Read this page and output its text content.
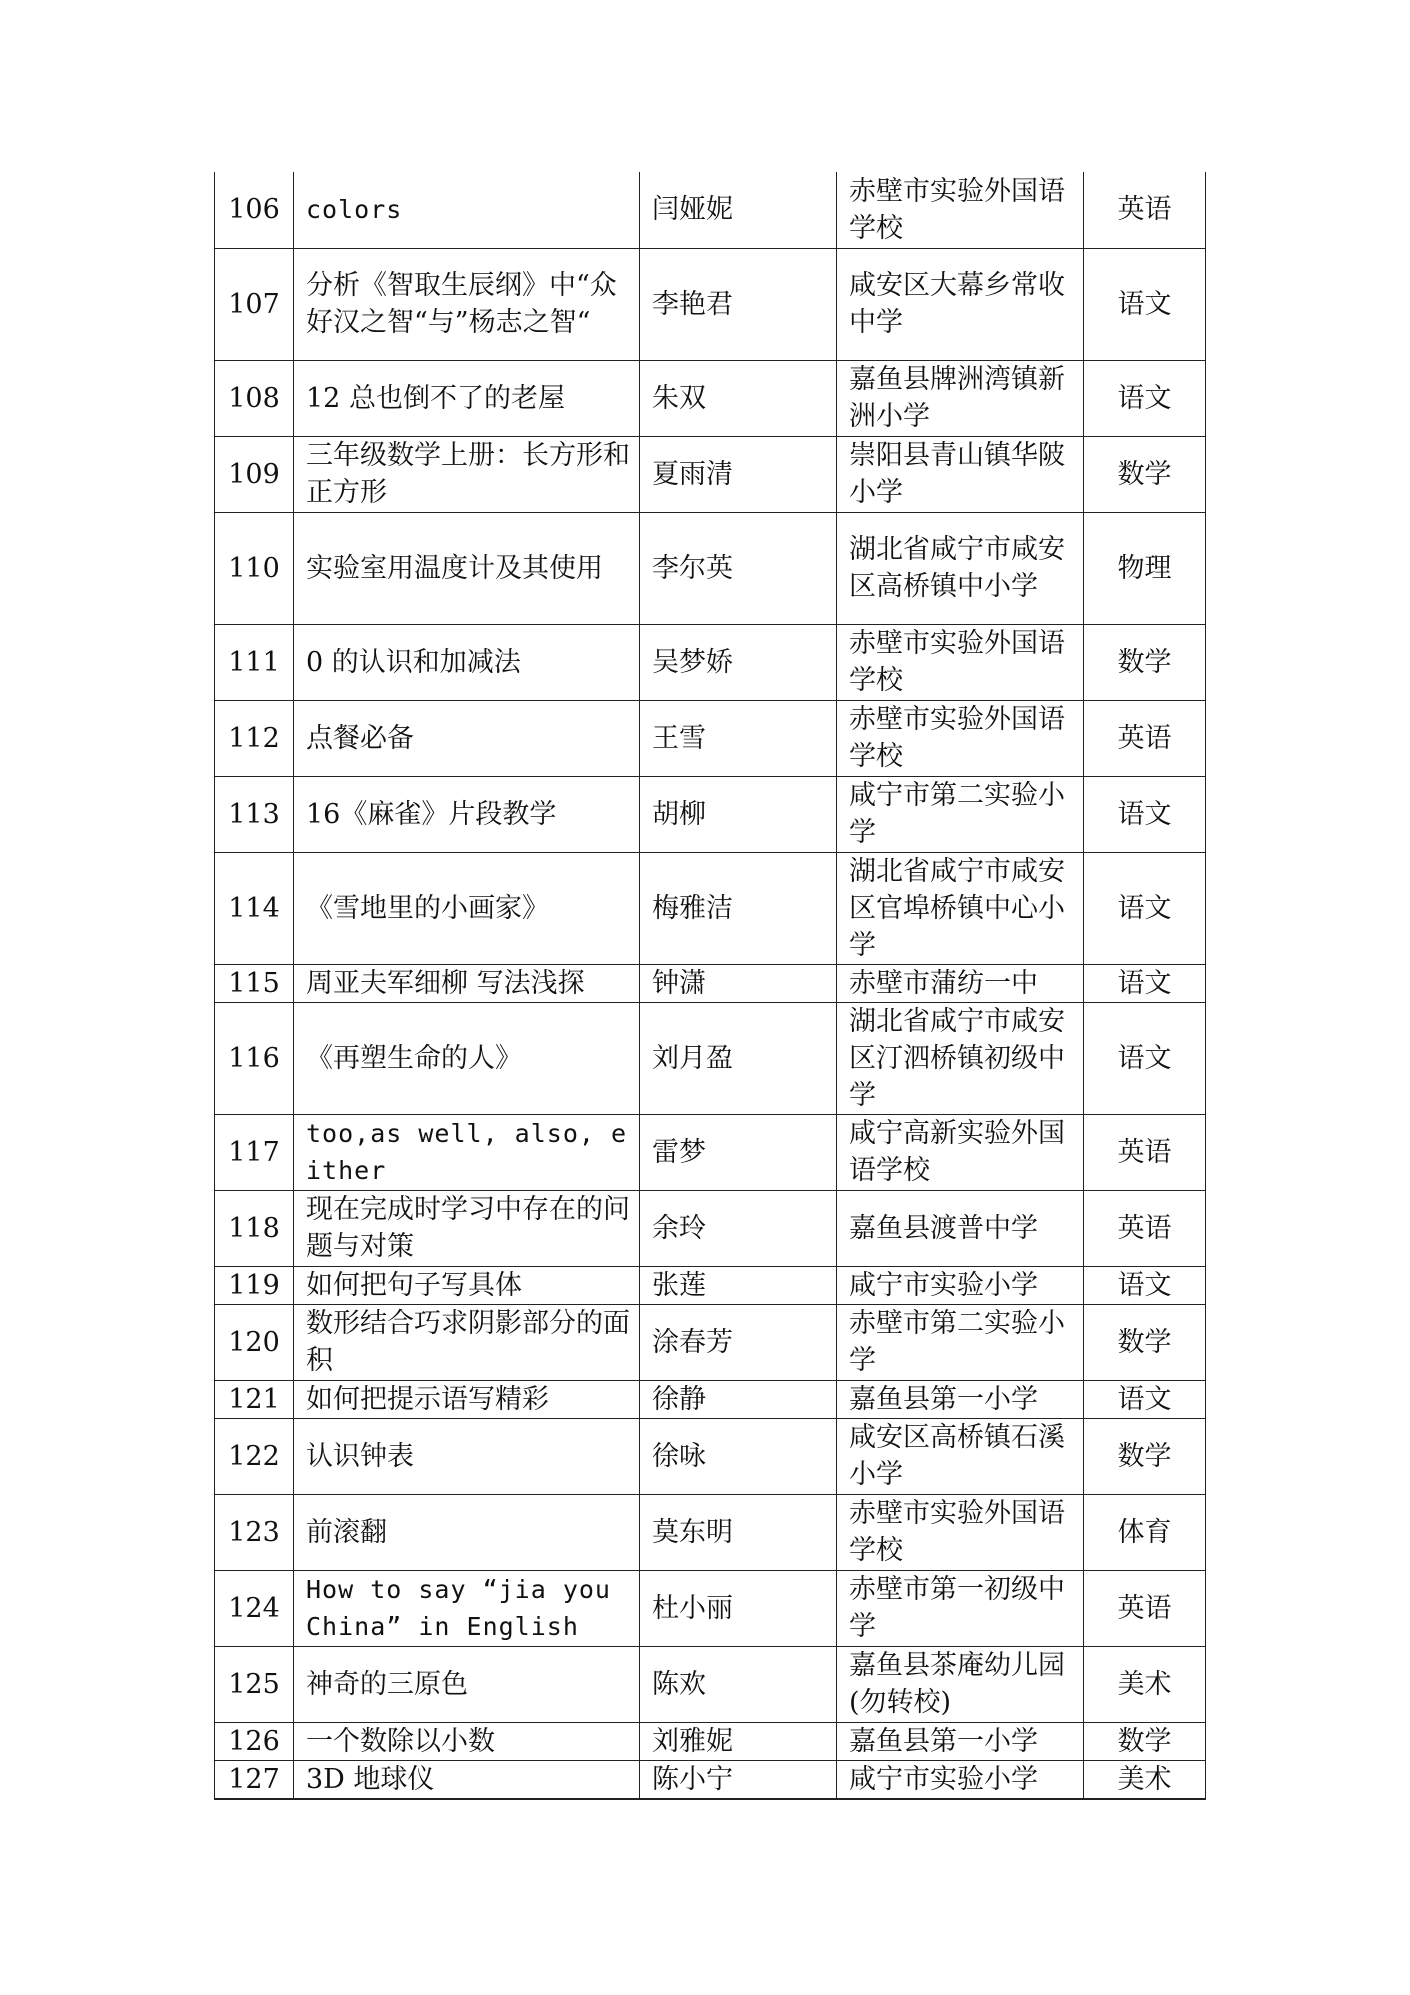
106	colors	闫娅妮	赤壁市实验外国语学校	英语
107	分析《智取生辰纲》中“众好汉之智“与”杨志之智“	李艳君	咸安区大幕乡常收中学	语文
108	12 总也倒不了的老屋	朱双	嘉鱼县牌洲湾镇新洲小学	语文
109	三年级数学上册：长方形和正方形	夏雨清	崇阳县青山镇华陂小学	数学
110	实验室用温度计及其使用	李尔英	湖北省咸宁市咸安区高桥镇中小学	物理
111	0 的认识和加减法	吴梦娇	赤壁市实验外国语学校	数学
112	点餐必备	王雪	赤壁市实验外国语学校	英语
113	16《麻雀》片段教学	胡柳	咸宁市第二实验小学	语文
114	《雪地里的小画家》	梅雅洁	湖北省咸宁市咸安区官埠桥镇中心小学	语文
115	周亚夫军细柳 写法浅探	钟潇	赤壁市蒲纺一中	语文
116	《再塑生命的人》	刘月盈	湖北省咸宁市咸安区汀泗桥镇初级中学	语文
117	too,as well, also, either	雷梦	咸宁高新实验外国语学校	英语
118	现在完成时学习中存在的问题与对策	余玲	嘉鱼县渡普中学	英语
119	如何把句子写具体	张莲	咸宁市实验小学	语文
120	数形结合巧求阴影部分的面积	涂春芳	赤壁市第二实验小学	数学
121	如何把提示语写精彩	徐静	嘉鱼县第一小学	语文
122	认识钟表	徐咏	咸安区高桥镇石溪小学	数学
123	前滚翻	莫东明	赤壁市实验外国语学校	体育
124	How to say “jia you China” in English	杜小丽	赤壁市第一初级中学	英语
125	神奇的三原色	陈欢	嘉鱼县茶庵幼儿园(勿转校)	美术
126	一个数除以小数	刘雅妮	嘉鱼县第一小学	数学
127	3D 地球仪	陈小宁	咸宁市实验小学	美术
